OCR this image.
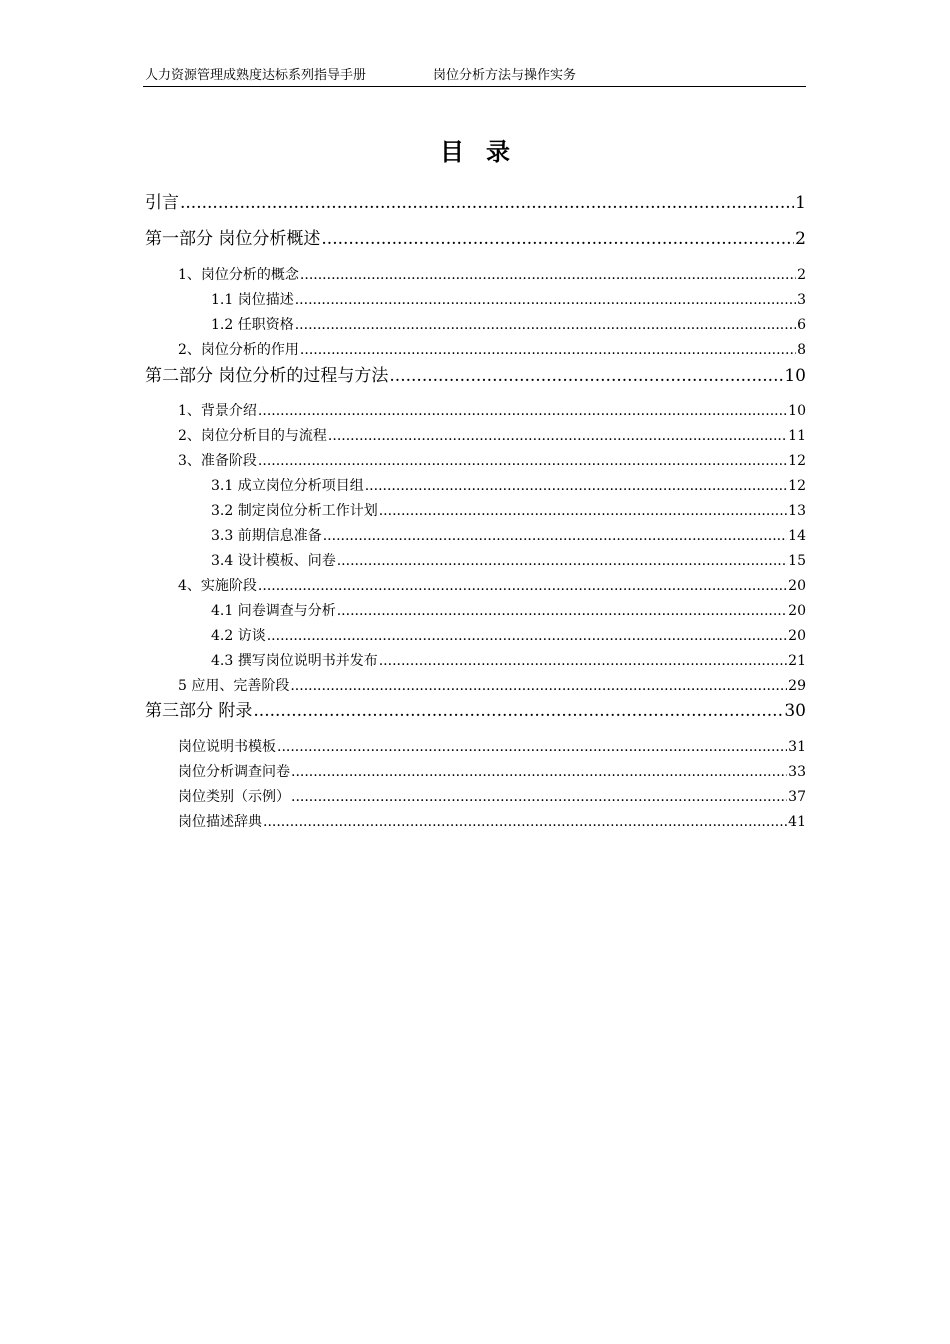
人力资源管理成熟度达标系列指导手册	岗位分析方法与操作实务
目录
引言 .....	1
第一部分 岗位分析概述 .....	2
1、岗位分析的概念 .....	2
1.1 岗位描述 .....	3
1.2 任职资格 .....	6
2、岗位分析的作用 .....	8
第二部分 岗位分析的过程与方法 .....	10
1、背景介绍 .....	10
2、岗位分析目的与流程 .....	11
3、准备阶段 .....	12
3.1 成立岗位分析项目组 .....	12
3.2 制定岗位分析工作计划 .....	13
3.3 前期信息准备 .....	14
3.4 设计模板、问卷 .....	15
4、实施阶段 .....	20
4.1 问卷调查与分析 .....	20
4.2 访谈 .....	20
4.3 撰写岗位说明书并发布 .....	21
5 应用、完善阶段 .....	29
第三部分 附录 .....	30
岗位说明书模板 .....	31
岗位分析调查问卷 .....	33
岗位类别（示例） .....	37
岗位描述辞典 .....	41
